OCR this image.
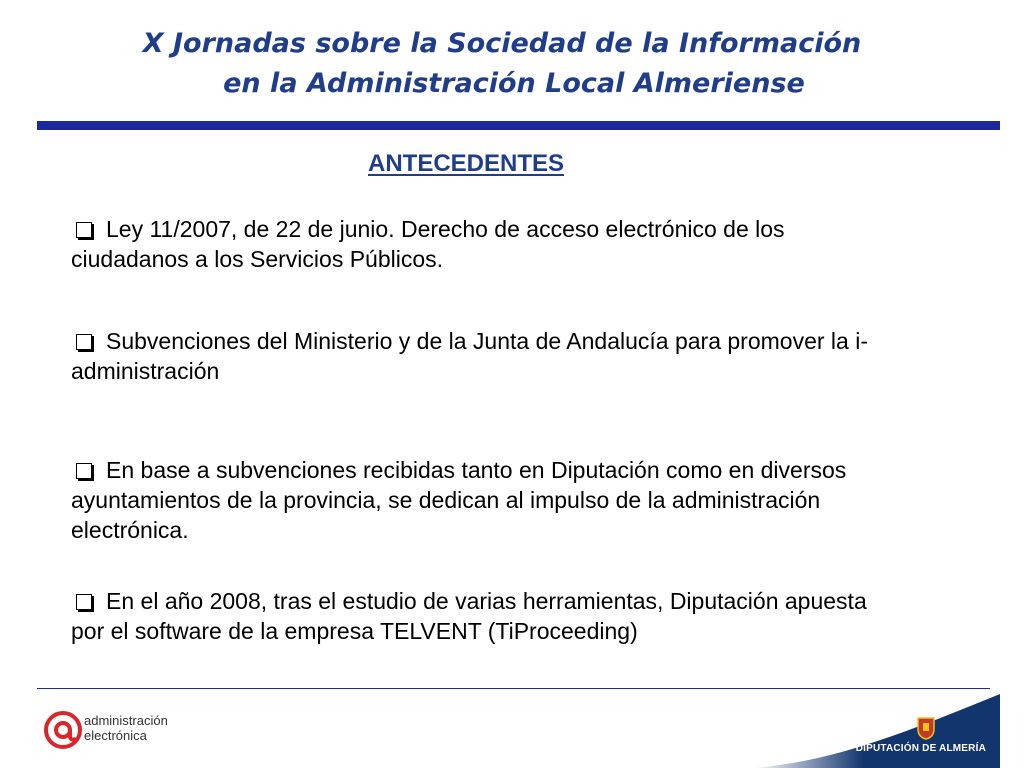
X Jornadas sobre la Sociedad de la Información
en la Administración Local Almeriense
ANTECEDENTES
Ley 11/2007, de 22 de junio. Derecho de acceso electrónico de los
ciudadanos a los Servicios Públicos.
Subvenciones del Ministerio y de la Junta de Andalucía para promover la i-
administración
En base a subvenciones recibidas tanto en Diputación como en diversos
ayuntamientos de la provincia, se dedican al impulso de la administración
electrónica.
En el año 2008, tras el estudio de varias herramientas, Diputación apuesta
por el software de la empresa TELVENT (TiProceeding)
administración
electrónica
DIPUTACIÓN DE ALMERÍA
